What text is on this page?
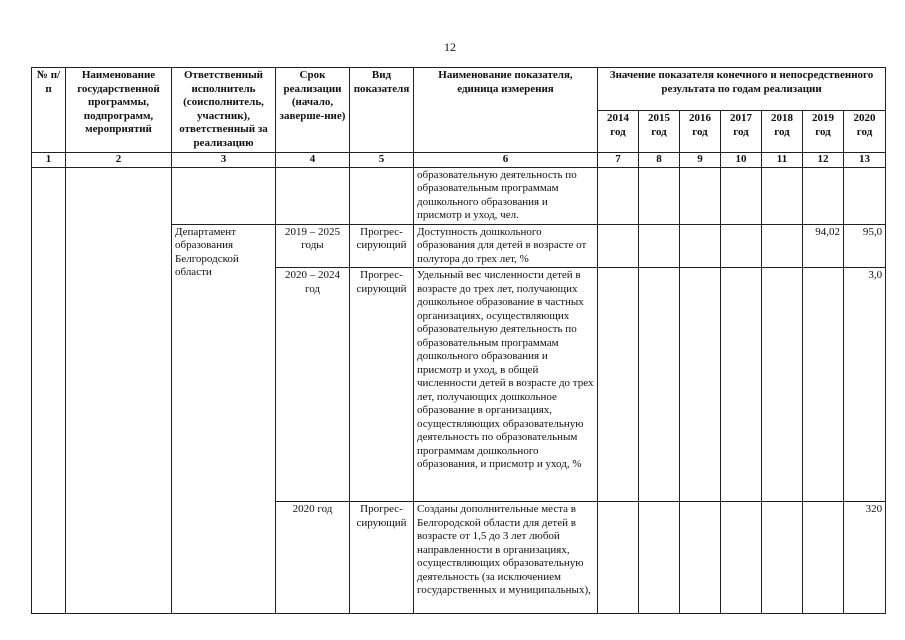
12
№ п/п	Наименование государственной программы, подпрограмм, мероприятий	Ответственный исполнитель (соисполнитель, участник), ответственный за реализацию	Срок реализации (начало, заверше-ние)	Вид показателя	Наименование показателя, единица измерения	Значение показателя конечного и непосредственного результата по годам реализации						
						2014 год	2015 год	2016 год	2017 год	2018 год	2019 год	2020 год
1	2	3	4	5	6	7	8	9	10	11	12	13
					образовательную деятельность по образовательным программам дошкольного образования и присмотр и уход, чел.							
		Департамент образования Белгородской области	2019 – 2025 годы	Прогрес-сирующий	Доступность дошкольного образования для детей в возрасте от полутора до трех лет, %						94,02	95,0
			2020 – 2024 год	Прогрес-сирующий	Удельный вес численности детей в возрасте до трех лет, получающих дошкольное образование в частных организациях, осуществляющих образовательную деятельность по образовательным программам дошкольного образования и присмотр и уход, в общей численности детей в возрасте до трех лет, получающих дошкольное образование в организациях, осуществляющих образовательную деятельность по образовательным программам дошкольного образования, и присмотр и уход, %							3,0
			2020 год	Прогрес-сирующий	Созданы дополнительные места в Белгородской области для детей в возрасте от 1,5 до 3 лет любой направленности в организациях, осуществляющих образовательную деятельность (за исключением государственных и муниципальных),							320
